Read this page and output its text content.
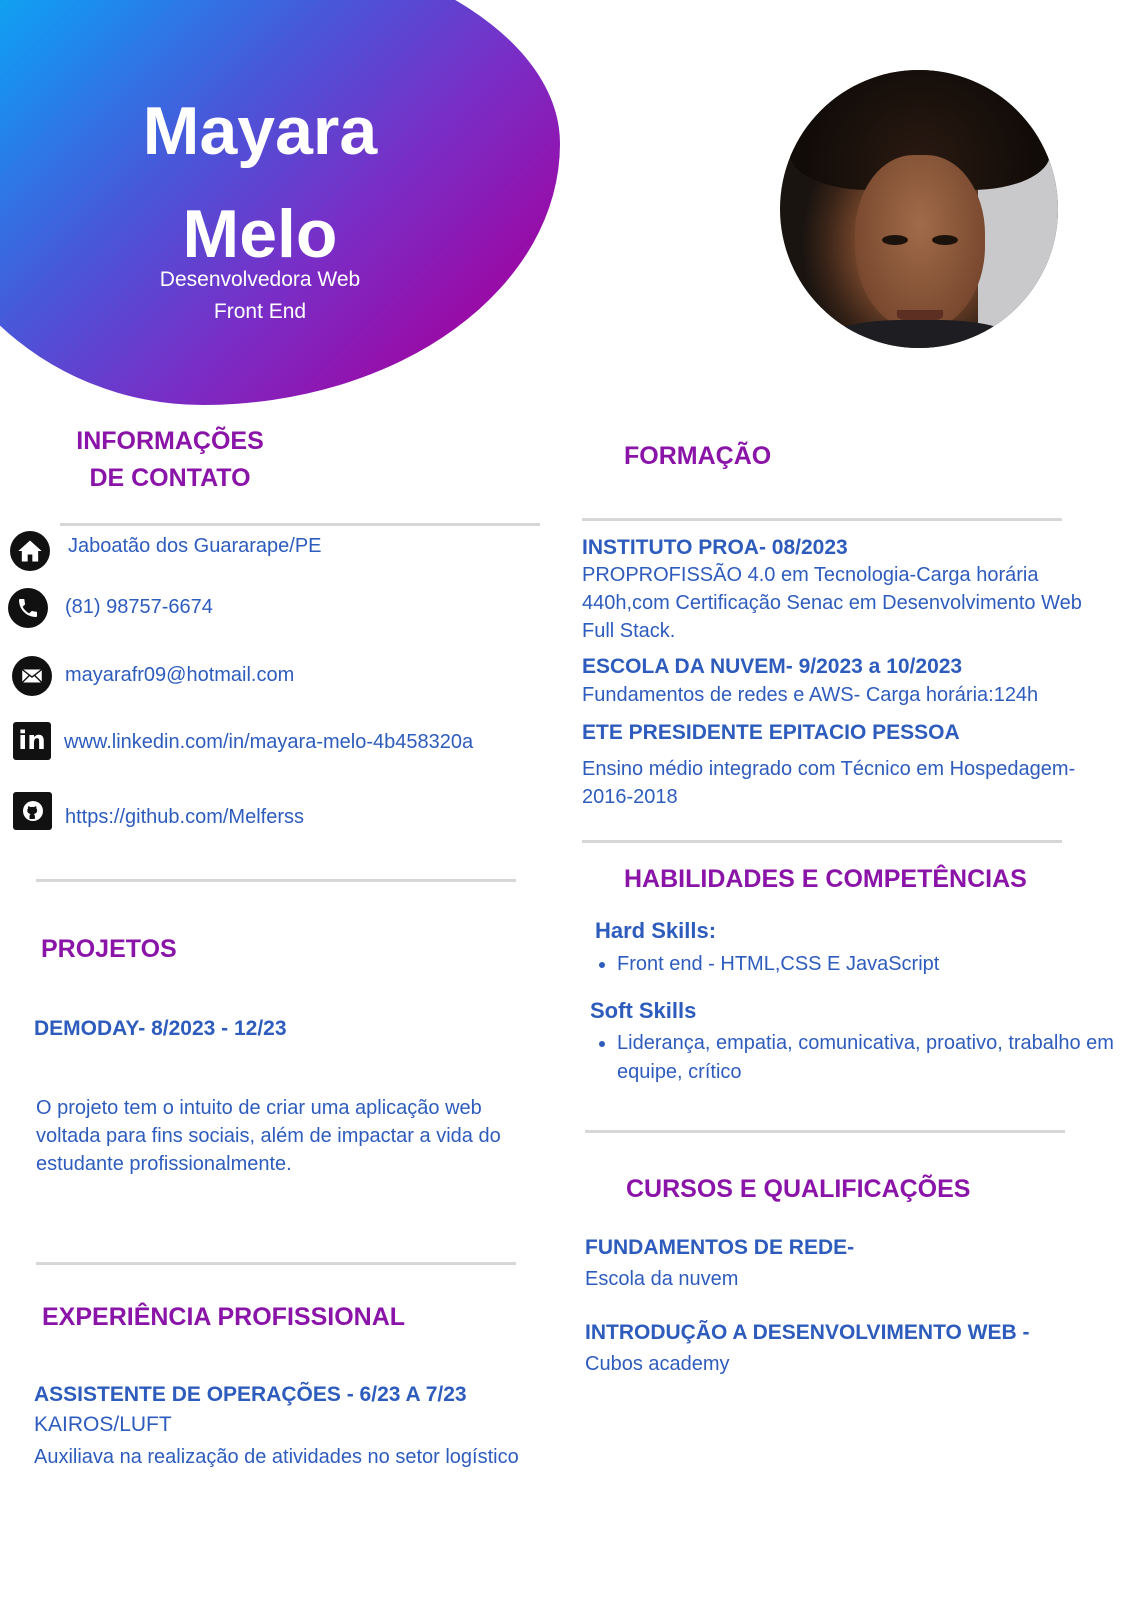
Mayara
Melo
Desenvolvedora Web
Front End
INFORMAÇÕES
DE CONTATO
Jaboatão dos Guararape/PE
(81) 98757-6674
mayarafr09@hotmail.com
in www.linkedin.com/in/mayara-melo-4b458320a
https://github.com/Melferss
PROJETOS
DEMODAY- 8/2023 - 12/23
O projeto tem o intuito de criar uma aplicação web
voltada para fins sociais, além de impactar a vida do
estudante profissionalmente.
EXPERIÊNCIA PROFISSIONAL
ASSISTENTE DE OPERAÇÕES - 6/23 A 7/23
KAIROS/LUFT
Auxiliava na realização de atividades no setor logístico
FORMAÇÃO
INSTITUTO PROA- 08/2023
PROPROFISSÃO 4.0 em Tecnologia-Carga horária
440h,com Certificação Senac em Desenvolvimento Web
Full Stack.
ESCOLA DA NUVEM- 9/2023 a 10/2023
Fundamentos de redes e AWS- Carga horária:124h
ETE PRESIDENTE EPITACIO PESSOA
Ensino médio integrado com Técnico em Hospedagem-
2016-2018
HABILIDADES E COMPETÊNCIAS
Hard Skills:
• Front end - HTML,CSS E JavaScript
Soft Skills
• Liderança, empatia, comunicativa, proativo, trabalho em equipe, crítico
CURSOS E QUALIFICAÇÕES
FUNDAMENTOS DE REDE-
Escola da nuvem
INTRODUÇÃO A DESENVOLVIMENTO WEB -
Cubos academy
